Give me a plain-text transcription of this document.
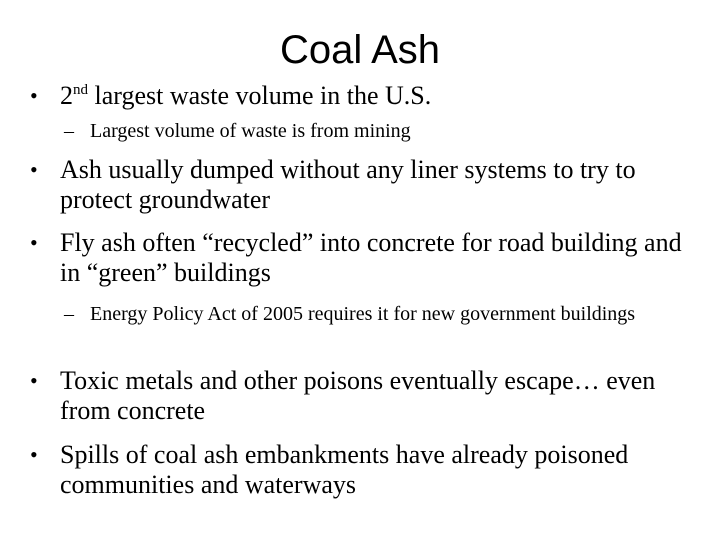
Coal Ash
• 2nd largest waste volume in the U.S.
– Largest volume of waste is from mining
• Ash usually dumped without any liner systems to try to protect groundwater
• Fly ash often “recycled” into concrete for road building and in “green” buildings
– Energy Policy Act of 2005 requires it for new government buildings
• Toxic metals and other poisons eventually escape… even from concrete
• Spills of coal ash embankments have already poisoned communities and waterways
